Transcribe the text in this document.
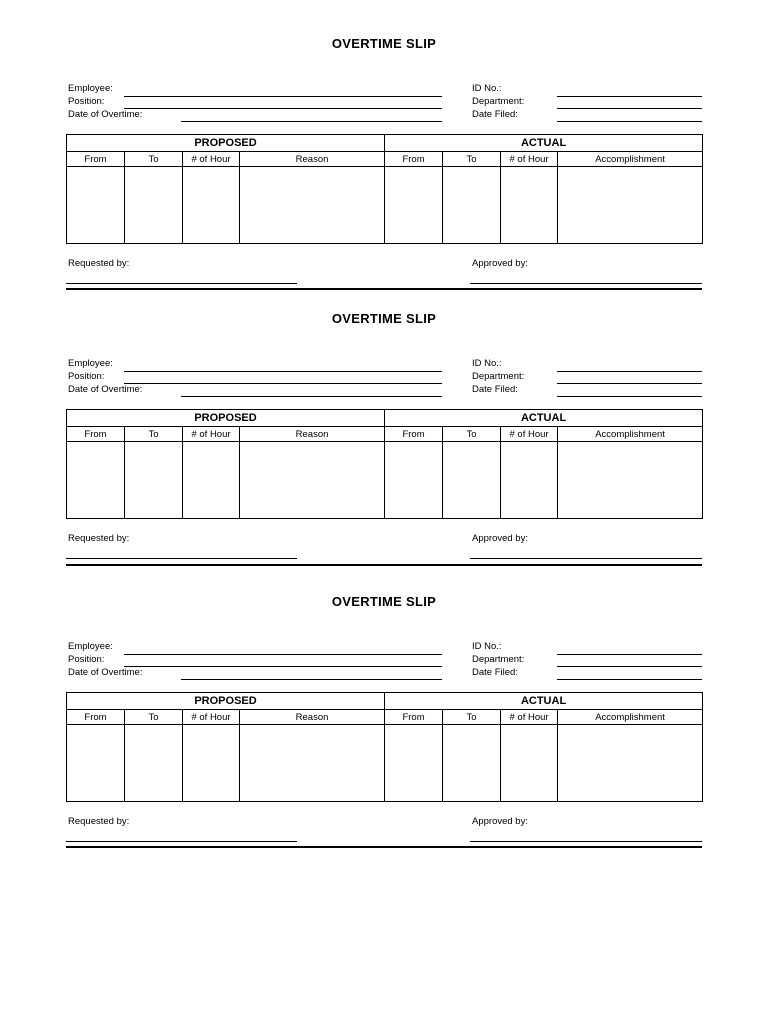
OVERTIME SLIP
Employee:
Position:
Date of Overtime:
ID No.:
Department:
Date Filed:
PROPOSED				ACTUAL			
From	To	# of Hour	Reason	From	To	# of Hour	Accomplishment

Requested by:	Approved by:
OVERTIME SLIP
Employee:
Position:
Date of Overtime:
ID No.:
Department:
Date Filed:
PROPOSED				ACTUAL			
From	To	# of Hour	Reason	From	To	# of Hour	Accomplishment

Requested by:	Approved by:
OVERTIME SLIP
Employee:
Position:
Date of Overtime:
ID No.:
Department:
Date Filed:
PROPOSED				ACTUAL			
From	To	# of Hour	Reason	From	To	# of Hour	Accomplishment

Requested by:	Approved by:
